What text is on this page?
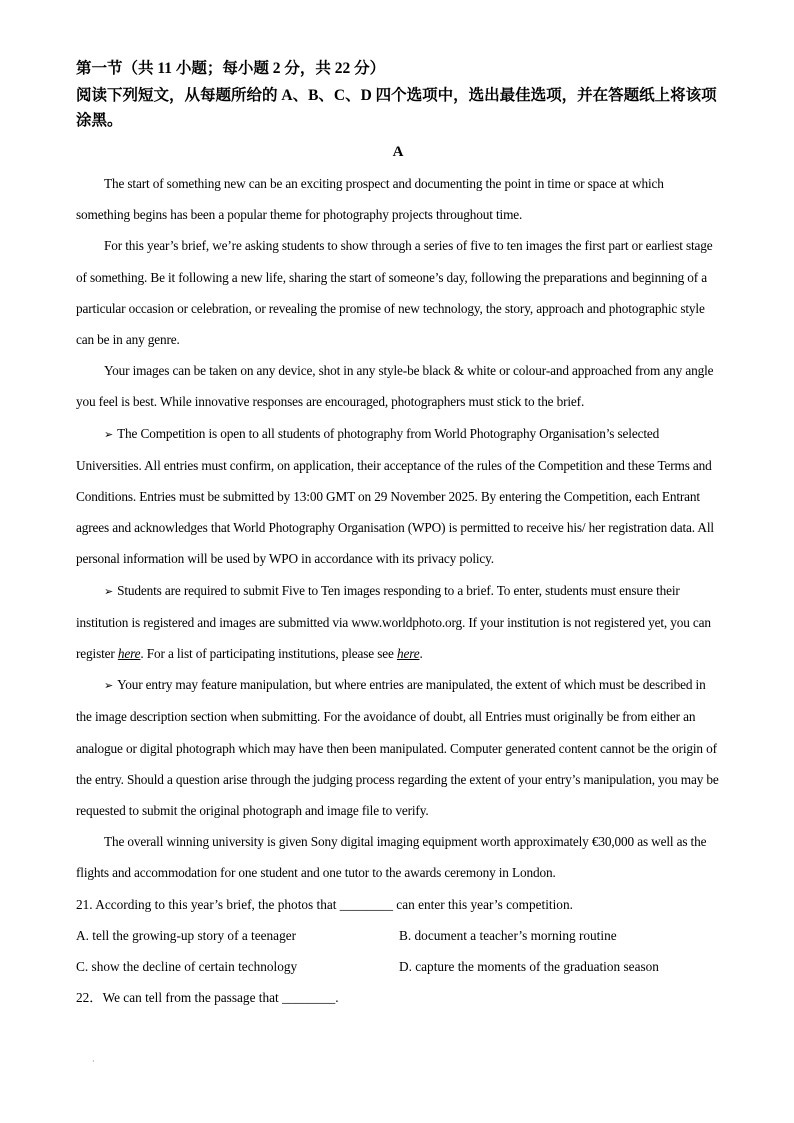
第一节（共 11 小题；每小题 2 分，共 22 分）
阅读下列短文，从每题所给的 A、B、C、D 四个选项中，选出最佳选项，并在答题纸上将该项涂黑。
A

The start of something new can be an exciting prospect and documenting the point in time or space at which something begins has been a popular theme for photography projects throughout time.

For this year’s brief, we’re asking students to show through a series of five to ten images the first part or earliest stage of something. Be it following a new life, sharing the start of someone’s day, following the preparations and beginning of a particular occasion or celebration, or revealing the promise of new technology, the story, approach and photographic style can be in any genre.

Your images can be taken on any device, shot in any style-be black & white or colour-and approached from any angle you feel is best. While innovative responses are encouraged, photographers must stick to the brief.

➢ The Competition is open to all students of photography from World Photography Organisation’s selected Universities. All entries must confirm, on application, their acceptance of the rules of the Competition and these Terms and Conditions. Entries must be submitted by 13:00 GMT on 29 November 2025. By entering the Competition, each Entrant agrees and acknowledges that World Photography Organisation (WPO) is permitted to receive his/ her registration data. All personal information will be used by WPO in accordance with its privacy policy.

➢ Students are required to submit Five to Ten images responding to a brief. To enter, students must ensure their institution is registered and images are submitted via www.worldphoto.org. If your institution is not registered yet, you can register here. For a list of participating institutions, please see here.

➢ Your entry may feature manipulation, but where entries are manipulated, the extent of which must be described in the image description section when submitting. For the avoidance of doubt, all Entries must originally be from either an analogue or digital photograph which may have then been manipulated. Computer generated content cannot be the origin of the entry. Should a question arise through the judging process regarding the extent of your entry’s manipulation, you may be requested to submit the original photograph and image file to verify.

The overall winning university is given Sony digital imaging equipment worth approximately €30,000 as well as the flights and accommodation for one student and one tutor to the awards ceremony in London.

21. According to this year’s brief, the photos that ________ can enter this year’s competition.

A. tell the growing-up story of a teenager	B. document a teacher’s morning routine
C. show the decline of certain technology	D. capture the moments of the graduation season

22．We can tell from the passage that ________.

·
